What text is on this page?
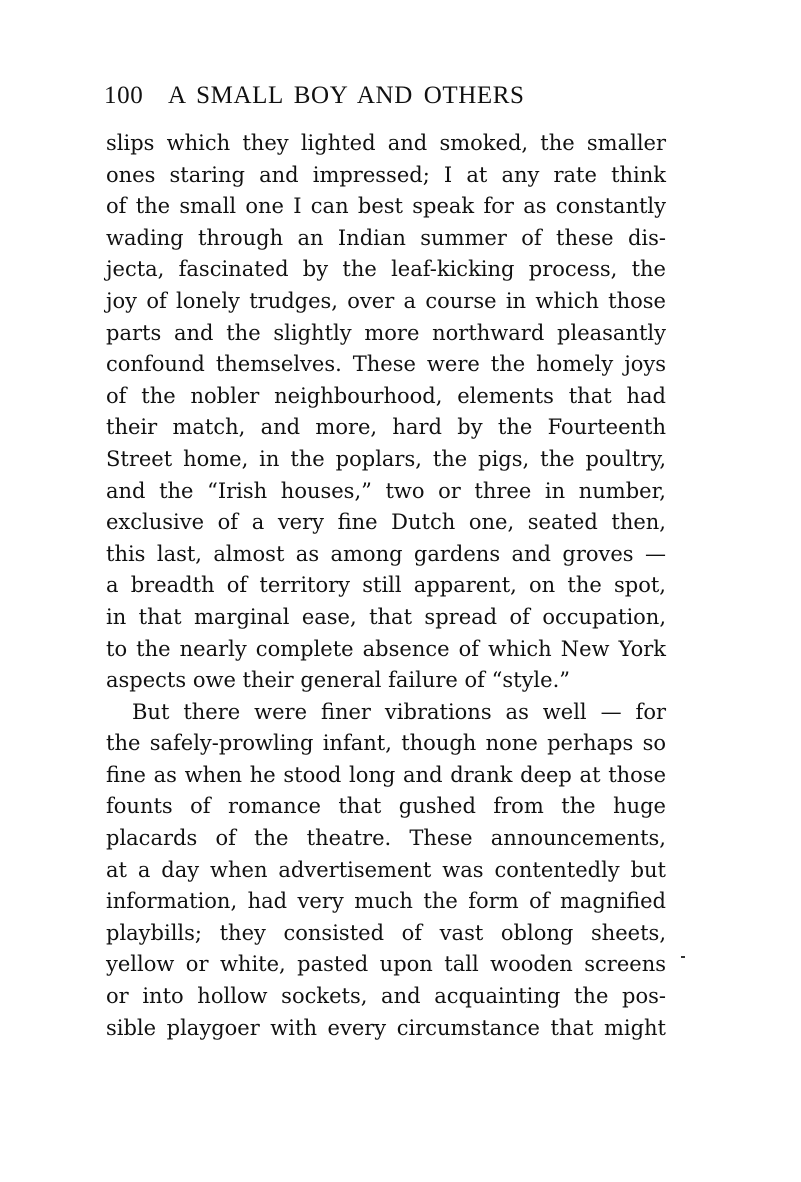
100 A SMALL BOY AND OTHERS
slips which they lighted and smoked, the smaller
ones staring and impressed; I at any rate think
of the small one I can best speak for as constantly
wading through an Indian summer of these dis-
jecta, fascinated by the leaf-kicking process, the
joy of lonely trudges, over a course in which those
parts and the slightly more northward pleasantly
confound themselves. These were the homely joys
of the nobler neighbourhood, elements that had
their match, and more, hard by the Fourteenth
Street home, in the poplars, the pigs, the poultry,
and the “Irish houses,” two or three in number,
exclusive of a very fine Dutch one, seated then,
this last, almost as among gardens and groves —
a breadth of territory still apparent, on the spot,
in that marginal ease, that spread of occupation,
to the nearly complete absence of which New York
aspects owe their general failure of “style.”
But there were finer vibrations as well — for
the safely-prowling infant, though none perhaps so
fine as when he stood long and drank deep at those
founts of romance that gushed from the huge
placards of the theatre. These announcements,
at a day when advertisement was contentedly but
information, had very much the form of magnified
playbills; they consisted of vast oblong sheets,
yellow or white, pasted upon tall wooden screens
or into hollow sockets, and acquainting the pos-
sible playgoer with every circumstance that might
